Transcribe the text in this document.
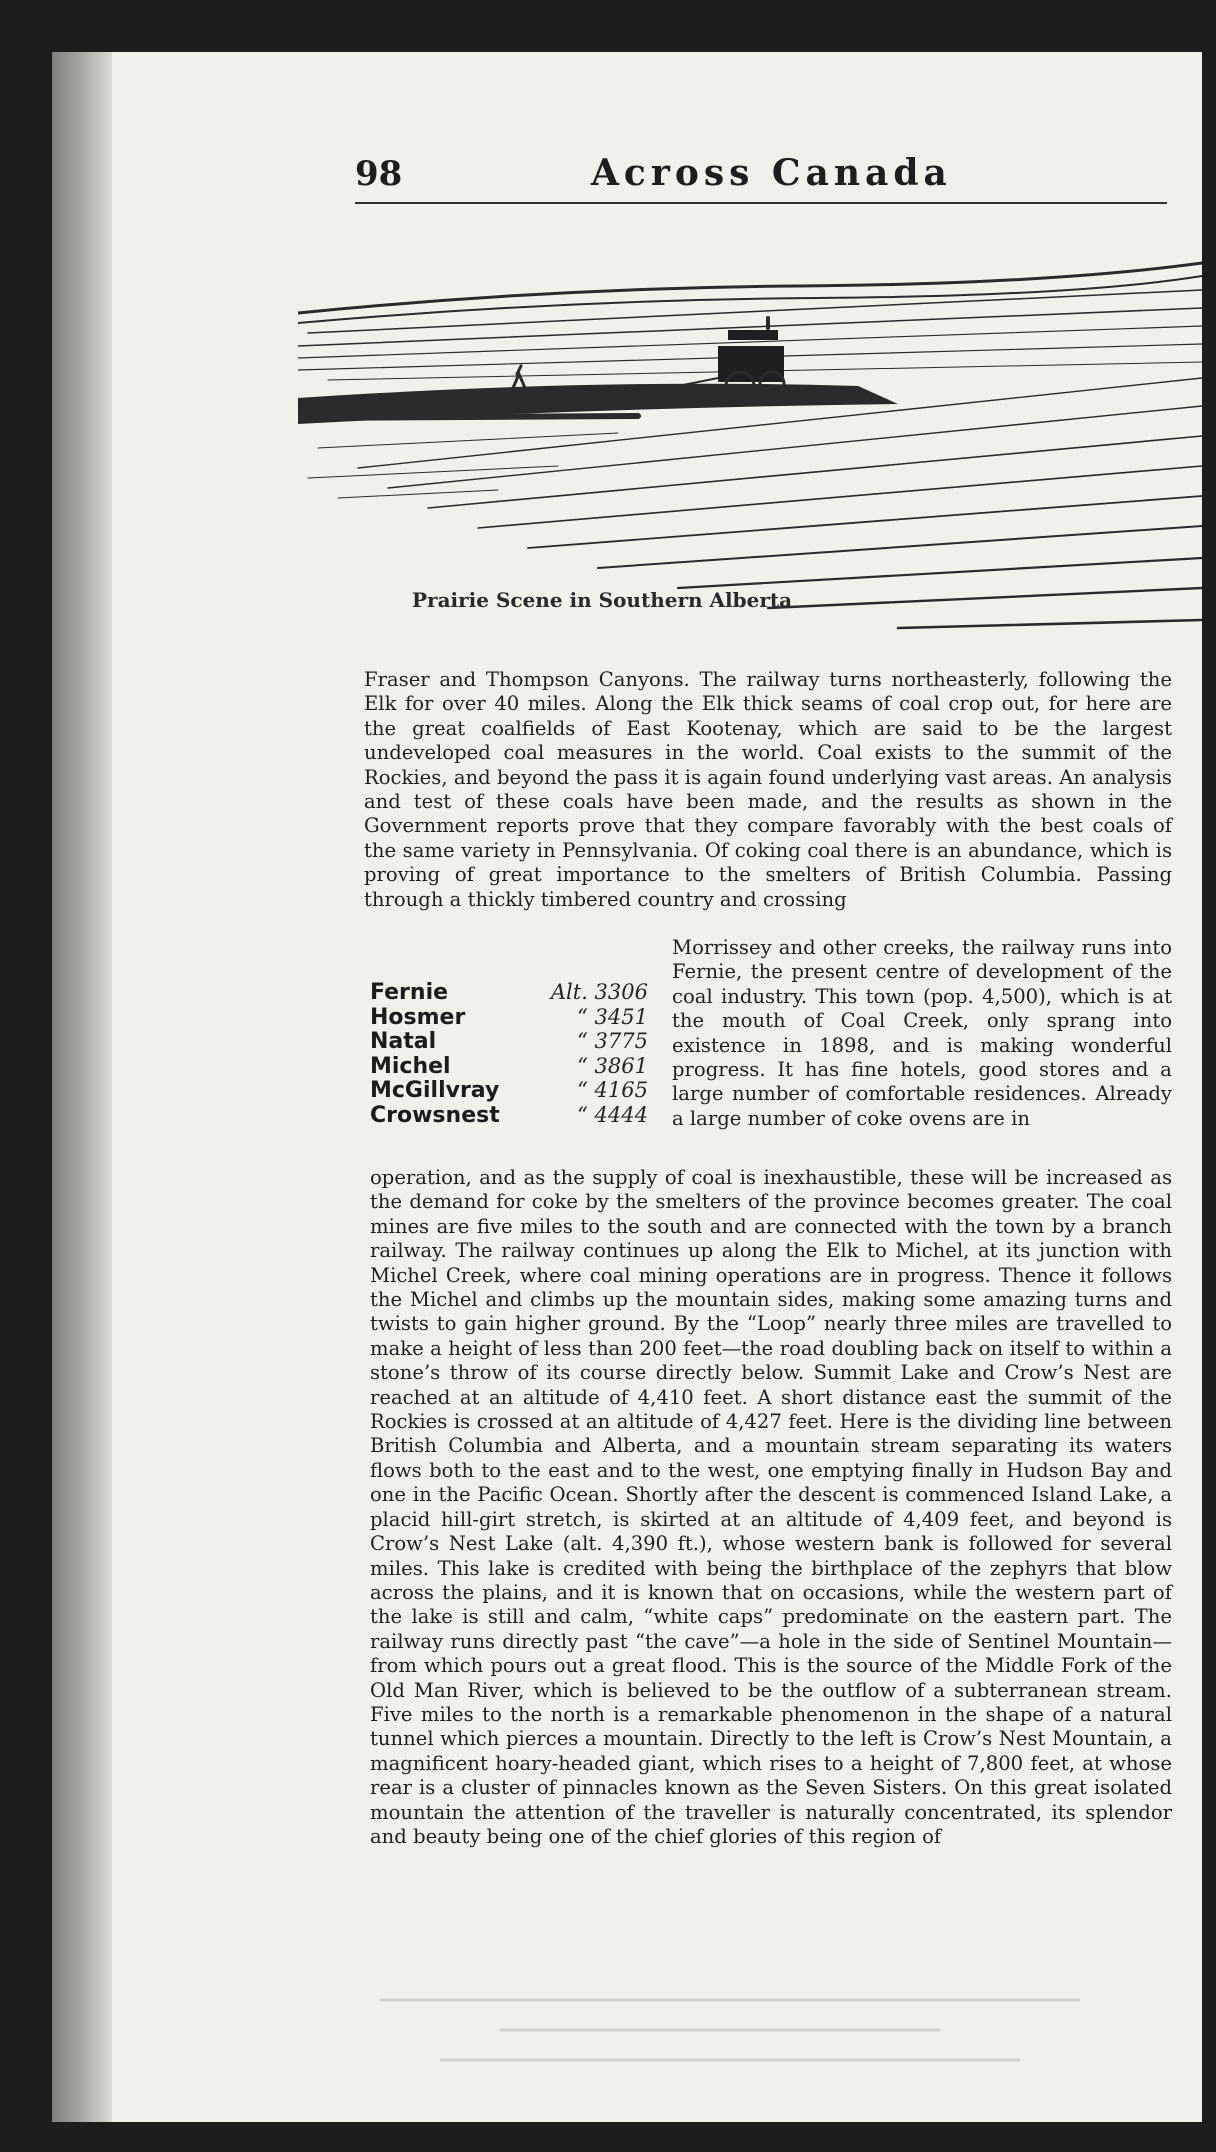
98	Across Canada
Prairie Scene in Southern Alberta

Fraser and Thompson Canyons. The railway turns northeasterly, following the Elk for over 40 miles. Along the Elk thick seams of coal crop out, for here are the great coalfields of East Kootenay, which are said to be the largest undeveloped coal measures in the world. Coal exists to the summit of the Rockies, and beyond the pass it is again found underlying vast areas. An analysis and test of these coals have been made, and the results as shown in the Government reports prove that they compare favorably with the best coals of the same variety in Pennsylvania. Of coking coal there is an abundance, which is proving of great importance to the smelters of British Columbia. Passing through a thickly timbered country and crossing

Fernie	Alt. 3306
Hosmer	“ 3451
Natal	“ 3775
Michel	“ 3861
McGillvray	“ 4165
Crowsnest	“ 4444

Morrissey and other creeks, the railway runs into Fernie, the present centre of development of the coal industry. This town (pop. 4,500), which is at the mouth of Coal Creek, only sprang into existence in 1898, and is making wonderful progress. It has fine hotels, good stores and a large number of comfortable residences. Already a large number of coke ovens are in

operation, and as the supply of coal is inexhaustible, these will be increased as the demand for coke by the smelters of the province becomes greater. The coal mines are five miles to the south and are connected with the town by a branch railway. The railway continues up along the Elk to Michel, at its junction with Michel Creek, where coal mining operations are in progress. Thence it follows the Michel and climbs up the mountain sides, making some amazing turns and twists to gain higher ground. By the “Loop” nearly three miles are travelled to make a height of less than 200 feet—the road doubling back on itself to within a stone’s throw of its course directly below. Summit Lake and Crow’s Nest are reached at an altitude of 4,410 feet. A short distance east the summit of the Rockies is crossed at an altitude of 4,427 feet. Here is the dividing line between British Columbia and Alberta, and a mountain stream separating its waters flows both to the east and to the west, one emptying finally in Hudson Bay and one in the Pacific Ocean. Shortly after the descent is commenced Island Lake, a placid hill-girt stretch, is skirted at an altitude of 4,409 feet, and beyond is Crow’s Nest Lake (alt. 4,390 ft.), whose western bank is followed for several miles. This lake is credited with being the birthplace of the zephyrs that blow across the plains, and it is known that on occasions, while the western part of the lake is still and calm, “white caps” predominate on the eastern part. The railway runs directly past “the cave”—a hole in the side of Sentinel Mountain—from which pours out a great flood. This is the source of the Middle Fork of the Old Man River, which is believed to be the outflow of a subterranean stream. Five miles to the north is a remarkable phenomenon in the shape of a natural tunnel which pierces a mountain. Directly to the left is Crow’s Nest Mountain, a magnificent hoary-headed giant, which rises to a height of 7,800 feet, at whose rear is a cluster of pinnacles known as the Seven Sisters. On this great isolated mountain the attention of the traveller is naturally concentrated, its splendor and beauty being one of the chief glories of this region of
